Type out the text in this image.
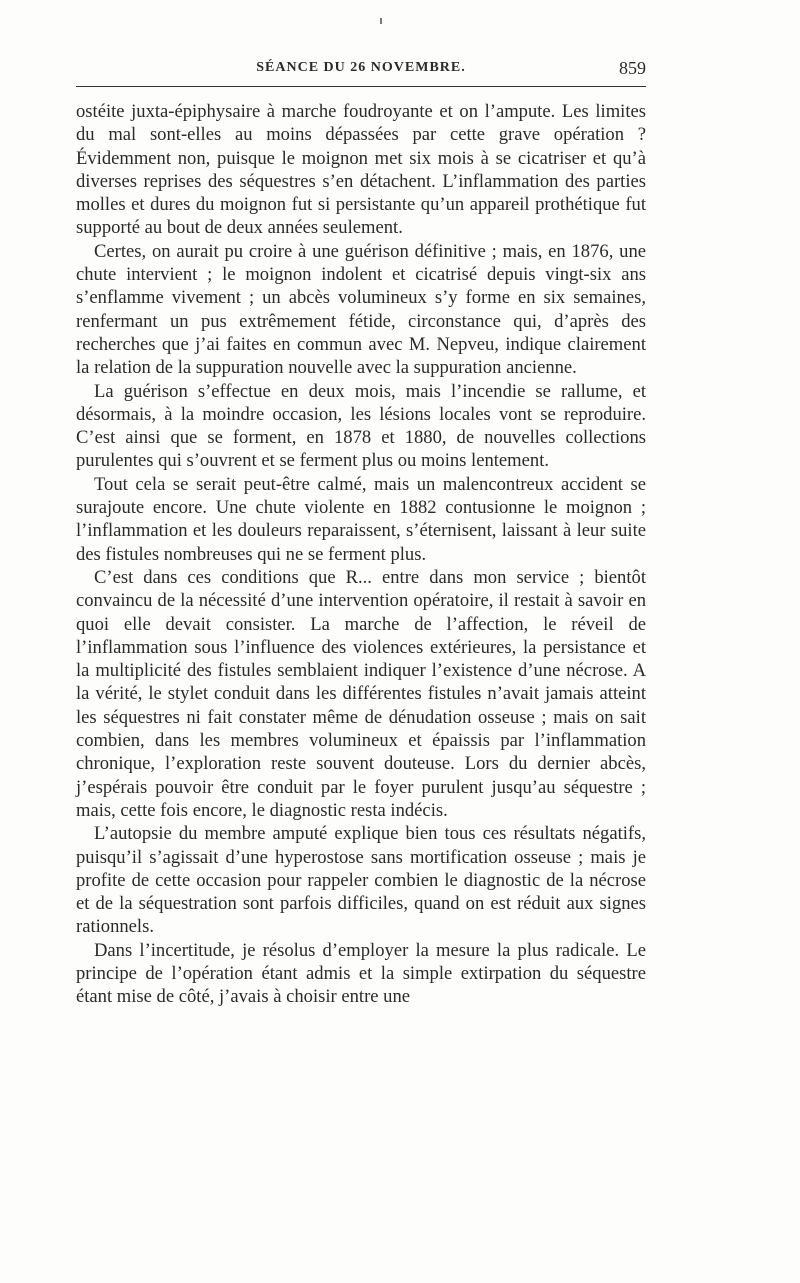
SÉANCE DU 26 NOVEMBRE.	859

ostéite juxta-épiphysaire à marche foudroyante et on l’ampute. Les limites du mal sont-elles au moins dépassées par cette grave opération ? Évidemment non, puisque le moignon met six mois à se cicatriser et qu’à diverses reprises des séquestres s’en détachent. L’inflammation des parties molles et dures du moignon fut si persistante qu’un appareil prothétique fut supporté au bout de deux années seulement.

Certes, on aurait pu croire à une guérison définitive ; mais, en 1876, une chute intervient ; le moignon indolent et cicatrisé depuis vingt-six ans s’enflamme vivement ; un abcès volumineux s’y forme en six semaines, renfermant un pus extrêmement fétide, circonstance qui, d’après des recherches que j’ai faites en commun avec M. Nepveu, indique clairement la relation de la suppuration nouvelle avec la suppuration ancienne.

La guérison s’effectue en deux mois, mais l’incendie se rallume, et désormais, à la moindre occasion, les lésions locales vont se reproduire. C’est ainsi que se forment, en 1878 et 1880, de nouvelles collections purulentes qui s’ouvrent et se ferment plus ou moins lentement.

Tout cela se serait peut-être calmé, mais un malencontreux accident se surajoute encore. Une chute violente en 1882 contusionne le moignon ; l’inflammation et les douleurs reparaissent, s’éternisent, laissant à leur suite des fistules nombreuses qui ne se ferment plus.

C’est dans ces conditions que R... entre dans mon service ; bientôt convaincu de la nécessité d’une intervention opératoire, il restait à savoir en quoi elle devait consister. La marche de l’affection, le réveil de l’inflammation sous l’influence des violences extérieures, la persistance et la multiplicité des fistules semblaient indiquer l’existence d’une nécrose. A la vérité, le stylet conduit dans les différentes fistules n’avait jamais atteint les séquestres ni fait constater même de dénudation osseuse ; mais on sait combien, dans les membres volumineux et épaissis par l’inflammation chronique, l’exploration reste souvent douteuse. Lors du dernier abcès, j’espérais pouvoir être conduit par le foyer purulent jusqu’au séquestre ; mais, cette fois encore, le diagnostic resta indécis.

L’autopsie du membre amputé explique bien tous ces résultats négatifs, puisqu’il s’agissait d’une hyperostose sans mortification osseuse ; mais je profite de cette occasion pour rappeler combien le diagnostic de la nécrose et de la séquestration sont parfois difficiles, quand on est réduit aux signes rationnels.

Dans l’incertitude, je résolus d’employer la mesure la plus radicale. Le principe de l’opération étant admis et la simple extirpation du séquestre étant mise de côté, j’avais à choisir entre une
